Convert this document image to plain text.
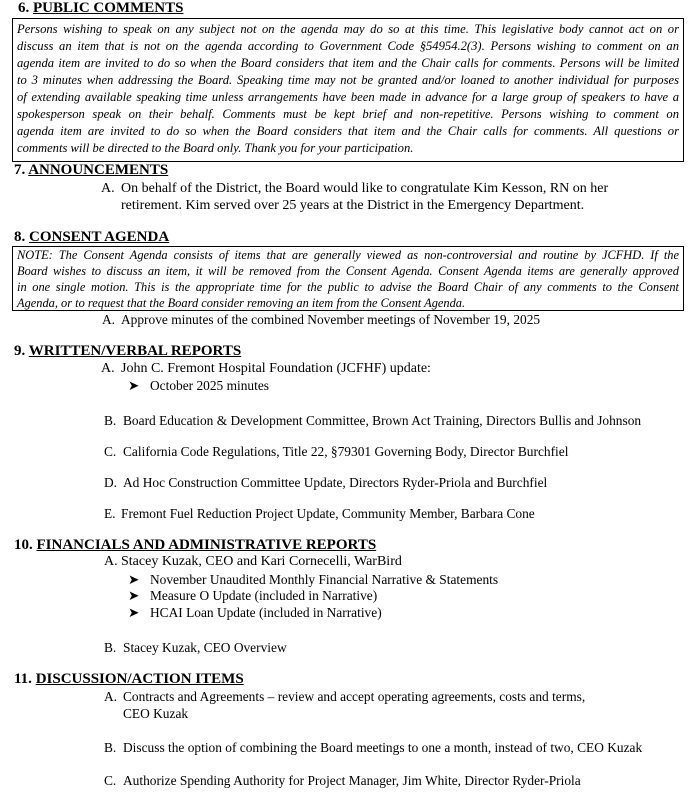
6. PUBLIC COMMENTS
Persons wishing to speak on any subject not on the agenda may do so at this time. This legislative body cannot act on or
discuss an item that is not on the agenda according to Government Code §54954.2(3). Persons wishing to comment on an
agenda item are invited to do so when the Board considers that item and the Chair calls for comments. Persons will be limited
to 3 minutes when addressing the Board. Speaking time may not be granted and/or loaned to another individual for purposes
of extending available speaking time unless arrangements have been made in advance for a large group of speakers to have a
spokesperson speak on their behalf. Comments must be kept brief and non-repetitive. Persons wishing to comment on
agenda item are invited to do so when the Board considers that item and the Chair calls for comments. All questions or
comments will be directed to the Board only. Thank you for your participation.
7. ANNOUNCEMENTS
A. On behalf of the District, the Board would like to congratulate Kim Kesson, RN on her
retirement. Kim served over 25 years at the District in the Emergency Department.
8. CONSENT AGENDA
NOTE: The Consent Agenda consists of items that are generally viewed as non-controversial and routine by JCFHD. If the
Board wishes to discuss an item, it will be removed from the Consent Agenda. Consent Agenda items are generally approved
in one single motion. This is the appropriate time for the public to advise the Board Chair of any comments to the Consent
Agenda, or to request that the Board consider removing an item from the Consent Agenda.
A. Approve minutes of the combined November meetings of November 19, 2025
9. WRITTEN/VERBAL REPORTS
A. John C. Fremont Hospital Foundation (JCFHF) update:
➤ October 2025 minutes
B. Board Education & Development Committee, Brown Act Training, Directors Bullis and Johnson
C. California Code Regulations, Title 22, §79301 Governing Body, Director Burchfiel
D. Ad Hoc Construction Committee Update, Directors Ryder-Priola and Burchfiel
E. Fremont Fuel Reduction Project Update, Community Member, Barbara Cone
10. FINANCIALS AND ADMINISTRATIVE REPORTS
A. Stacey Kuzak, CEO and Kari Cornecelli, WarBird
➤ November Unaudited Monthly Financial Narrative & Statements
➤ Measure O Update (included in Narrative)
➤ HCAI Loan Update (included in Narrative)
B. Stacey Kuzak, CEO Overview
11. DISCUSSION/ACTION ITEMS
A. Contracts and Agreements – review and accept operating agreements, costs and terms,
CEO Kuzak
B. Discuss the option of combining the Board meetings to one a month, instead of two, CEO Kuzak
C. Authorize Spending Authority for Project Manager, Jim White, Director Ryder-Priola
